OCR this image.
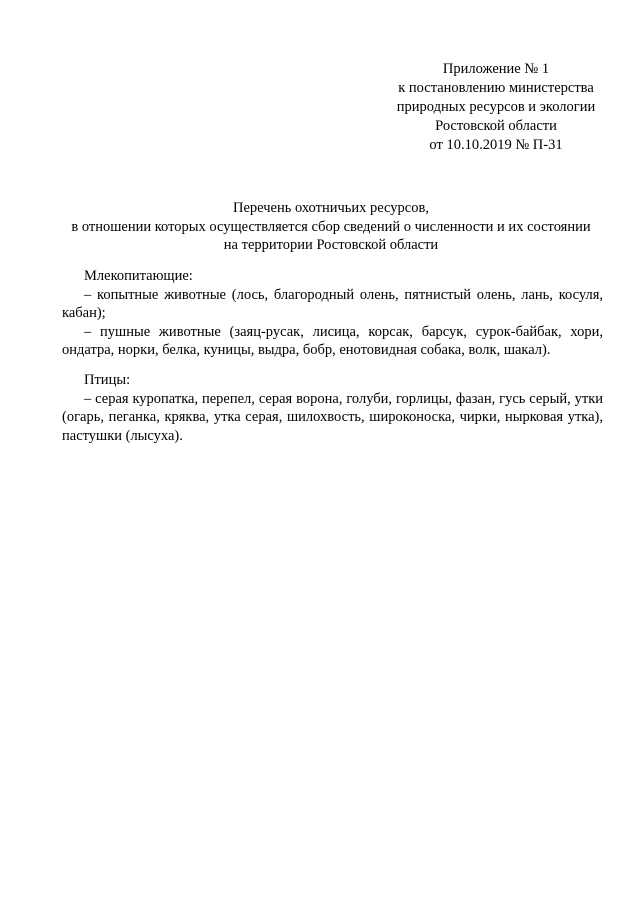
Приложение № 1
к постановлению министерства
природных ресурсов и экологии
Ростовской области
от 10.10.2019 № П-31
Перечень охотничьих ресурсов,
в отношении которых осуществляется сбор сведений о численности и их состоянии
на территории Ростовской области
Млекопитающие:
– копытные животные (лось, благородный олень, пятнистый олень, лань, косуля, кабан);
– пушные животные (заяц-русак, лисица, корсак, барсук, сурок-байбак, хори, ондатра, норки, белка, куницы, выдра, бобр, енотовидная собака, волк, шакал).
Птицы:
– серая куропатка, перепел, серая ворона, голуби, горлицы, фазан, гусь серый, утки (огарь, пеганка, кряква, утка серая, шилохвость, широконоска, чирки, нырковая утка), пастушки (лысуха).
